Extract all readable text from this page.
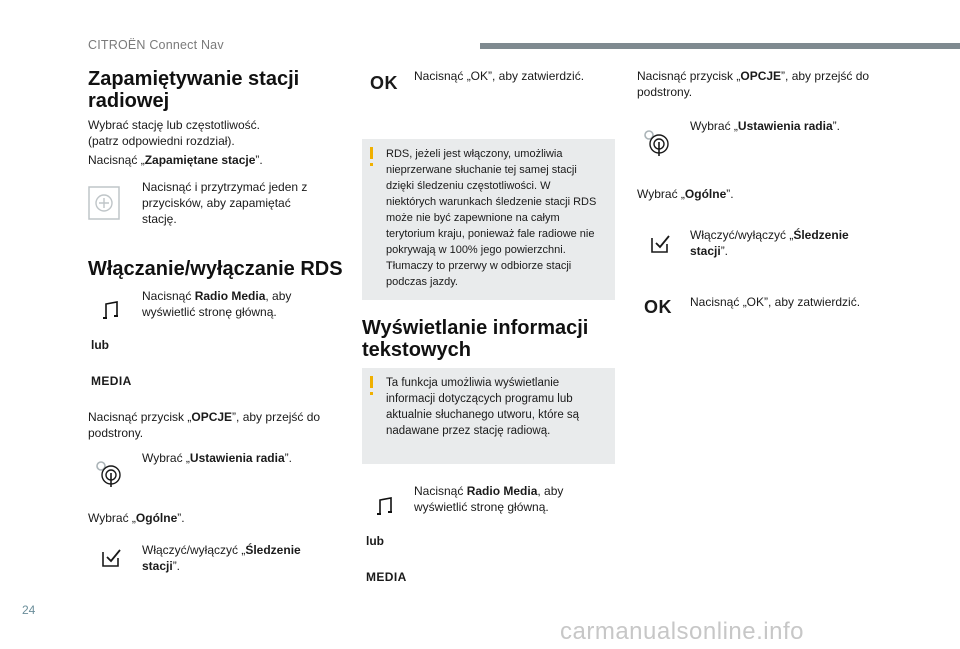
CITROËN Connect Nav
24
carmanualsonline.info
Zapamiętywanie stacji radiowej
Wybrać stację lub częstotliwość.
(patrz odpowiedni rozdział).
Nacisnąć „Zapamiętane stacje”.
Nacisnąć i przytrzymać jeden z przycisków, aby zapamiętać stację.
Włączanie/wyłączanie RDS
Nacisnąć Radio Media, aby wyświetlić stronę główną.
lub
MEDIA
Nacisnąć przycisk „OPCJE”, aby przejść do podstrony.
Wybrać „Ustawienia radia”.
Wybrać „Ogólne”.
Włączyć/wyłączyć „Śledzenie stacji”.
OK Nacisnąć „OK”, aby zatwierdzić.
RDS, jeżeli jest włączony, umożliwia nieprzerwane słuchanie tej samej stacji dzięki śledzeniu częstotliwości. W niektórych warunkach śledzenie stacji RDS może nie być zapewnione na całym terytorium kraju, ponieważ fale radiowe nie pokrywają w 100% jego powierzchni. Tłumaczy to przerwy w odbiorze stacji podczas jazdy.
Wyświetlanie informacji tekstowych
Ta funkcja umożliwia wyświetlanie informacji dotyczących programu lub aktualnie słuchanego utworu, które są nadawane przez stację radiową.
Nacisnąć Radio Media, aby wyświetlić stronę główną.
lub
MEDIA
Nacisnąć przycisk „OPCJE”, aby przejść do podstrony.
Wybrać „Ustawienia radia”.
Wybrać „Ogólne”.
Włączyć/wyłączyć „Śledzenie stacji”.
OK Nacisnąć „OK”, aby zatwierdzić.
